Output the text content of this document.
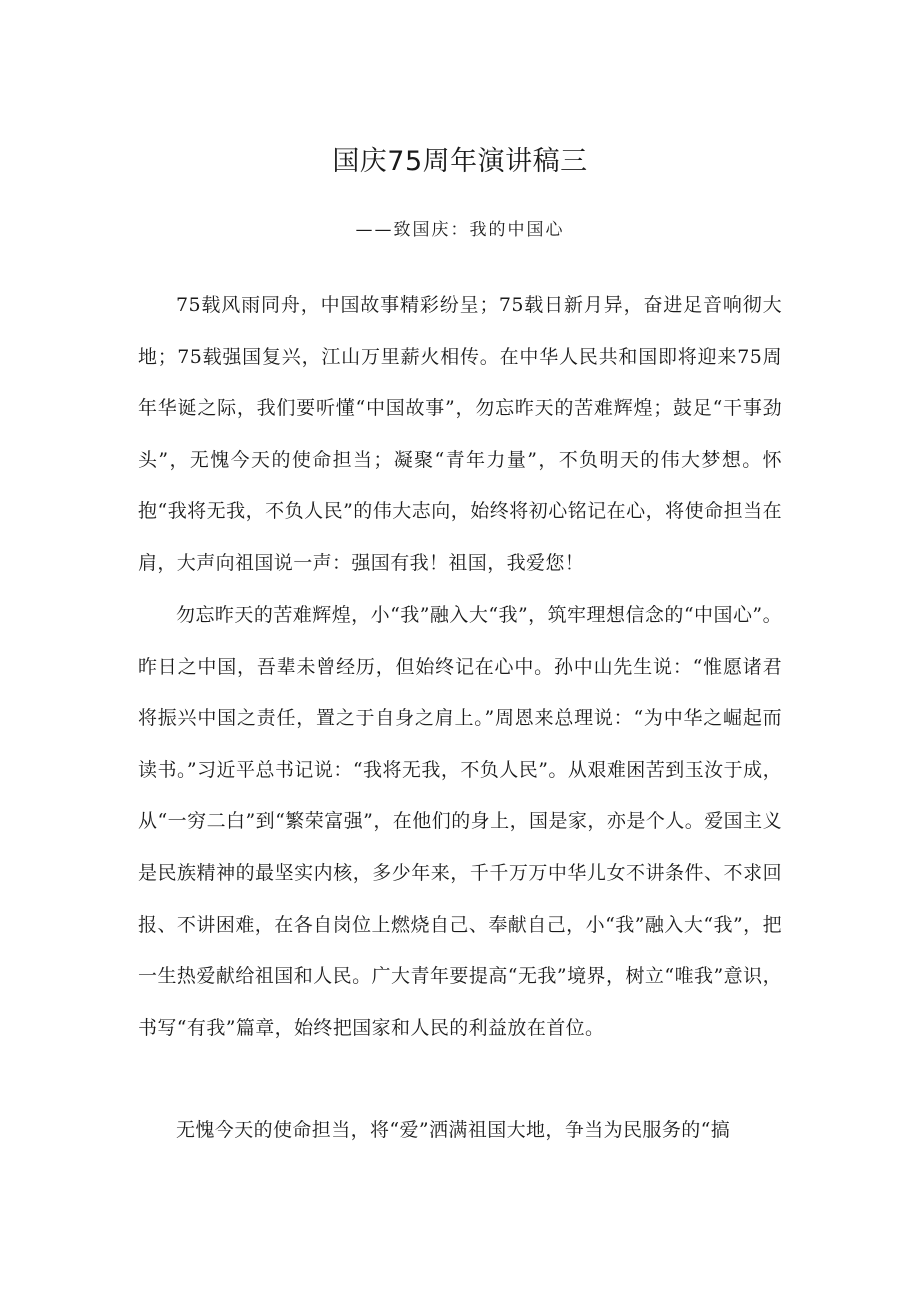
国庆75周年演讲稿三
——致国庆：我的中国心

75载风雨同舟，中国故事精彩纷呈；75载日新月异，奋进足音响彻大地；75载强国复兴，江山万里薪火相传。在中华人民共和国即将迎来75周年华诞之际，我们要听懂“中国故事”，勿忘昨天的苦难辉煌；鼓足“干事劲头”，无愧今天的使命担当；凝聚“青年力量”，不负明天的伟大梦想。怀抱“我将无我，不负人民”的伟大志向，始终将初心铭记在心，将使命担当在肩，大声向祖国说一声：强国有我！祖国，我爱您！

勿忘昨天的苦难辉煌，小“我”融入大“我”，筑牢理想信念的“中国心”。昨日之中国，吾辈未曾经历，但始终记在心中。孙中山先生说：“惟愿诸君将振兴中国之责任，置之于自身之肩上。”周恩来总理说：“为中华之崛起而读书。”习近平总书记说：“我将无我，不负人民”。从艰难困苦到玉汝于成，从“一穷二白”到“繁荣富强”，在他们的身上，国是家，亦是个人。爱国主义是民族精神的最坚实内核，多少年来，千千万万中华儿女不讲条件、不求回报、不讲困难，在各自岗位上燃烧自己、奉献自己，小“我”融入大“我”，把一生热爱献给祖国和人民。广大青年要提高“无我”境界，树立“唯我”意识，书写“有我”篇章，始终把国家和人民的利益放在首位。

无愧今天的使命担当，将“爱”洒满祖国大地，争当为民服务的“搞
